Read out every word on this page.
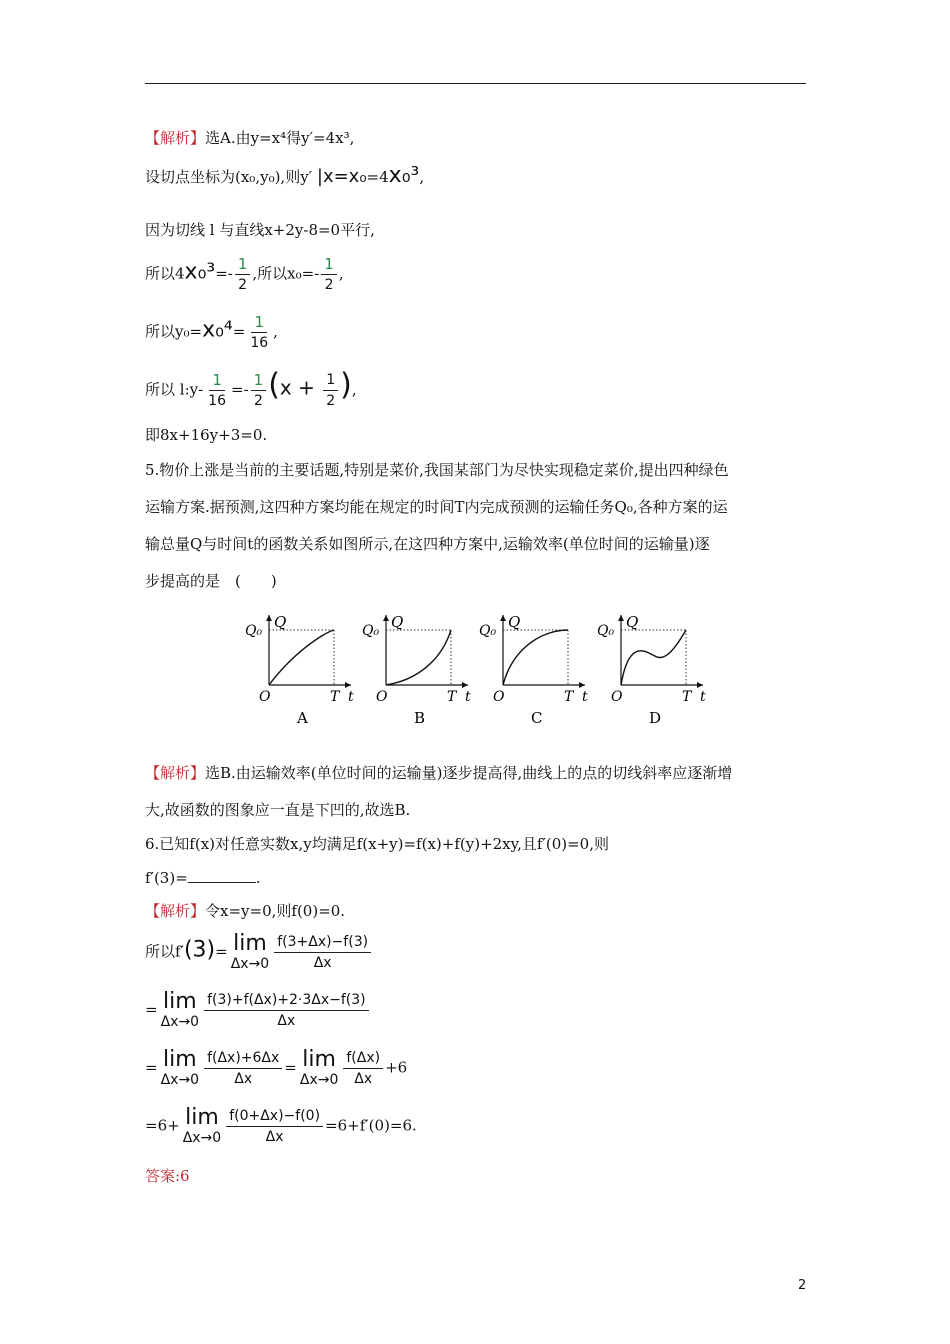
【解析】选A.由y=x⁴得y′=4x³,
设切点坐标为(x₀,y₀),则y′ |x=x₀=4x₀³,
因为切线 l 与直线x+2y-8=0平行,
所以$4x_0^3=- \frac{1}{2}$ ,所以$x_0=- \frac{1}{2}$ ,
所以$y_0=x_0^4= \frac{1}{16}$ ,
所以 l:y- $\frac{1}{16} =- \frac{1}{2} (x + \frac{1}{2}$ ),
即8x+16y+3=0.
5.物价上涨是当前的主要话题,特别是菜价,我国某部门为尽快实现稳定菜价,提出四种绿色
运输方案.据预测,这四种方案均能在规定的时间T内完成预测的运输任务Q₀,各种方案的运
输总量Q与时间t的函数关系如图所示,在这四种方案中,运输效率(单位时间的运输量)逐
步提高的是　(　　)
Q₀ Q
O	T t
A
Q₀ Q
O	T t
B
Q₀ Q
O	T t
C
Q₀ Q
O	T t
D
【解析】选B.由运输效率(单位时间的运输量)逐步提高得,曲线上的点的切线斜率应逐渐增
大,故函数的图象应一直是下凹的,故选B.
6.已知f(x)对任意实数x,y均满足f(x+y)=f(x)+f(y)+2xy,且f′(0)=0,则
f′(3)=	.
【解析】令x=y=0,则f(0)=0.
所以f′(3)= lim
$\Delta x\to 0 \frac{f(3+\Delta x)-f(3)}{\Delta x}$
= lim
$\Delta x\to 0 \frac{f(3)+f(\Delta x)+2\cdot 3\Delta x-f(3)}{\Delta x}$
= lim
$\Delta x\to 0 \frac{f(\Delta x)+6\Delta x}{\Delta x} = \lim$
$\Delta x\to 0 \frac{f(\Delta x)}{\Delta x} +6$
=6+ lim
$\Delta x\to 0 \frac{f(0+\Delta x)-f(0)}{\Delta x} =6+f'(0)=6$.
答案:6
2
